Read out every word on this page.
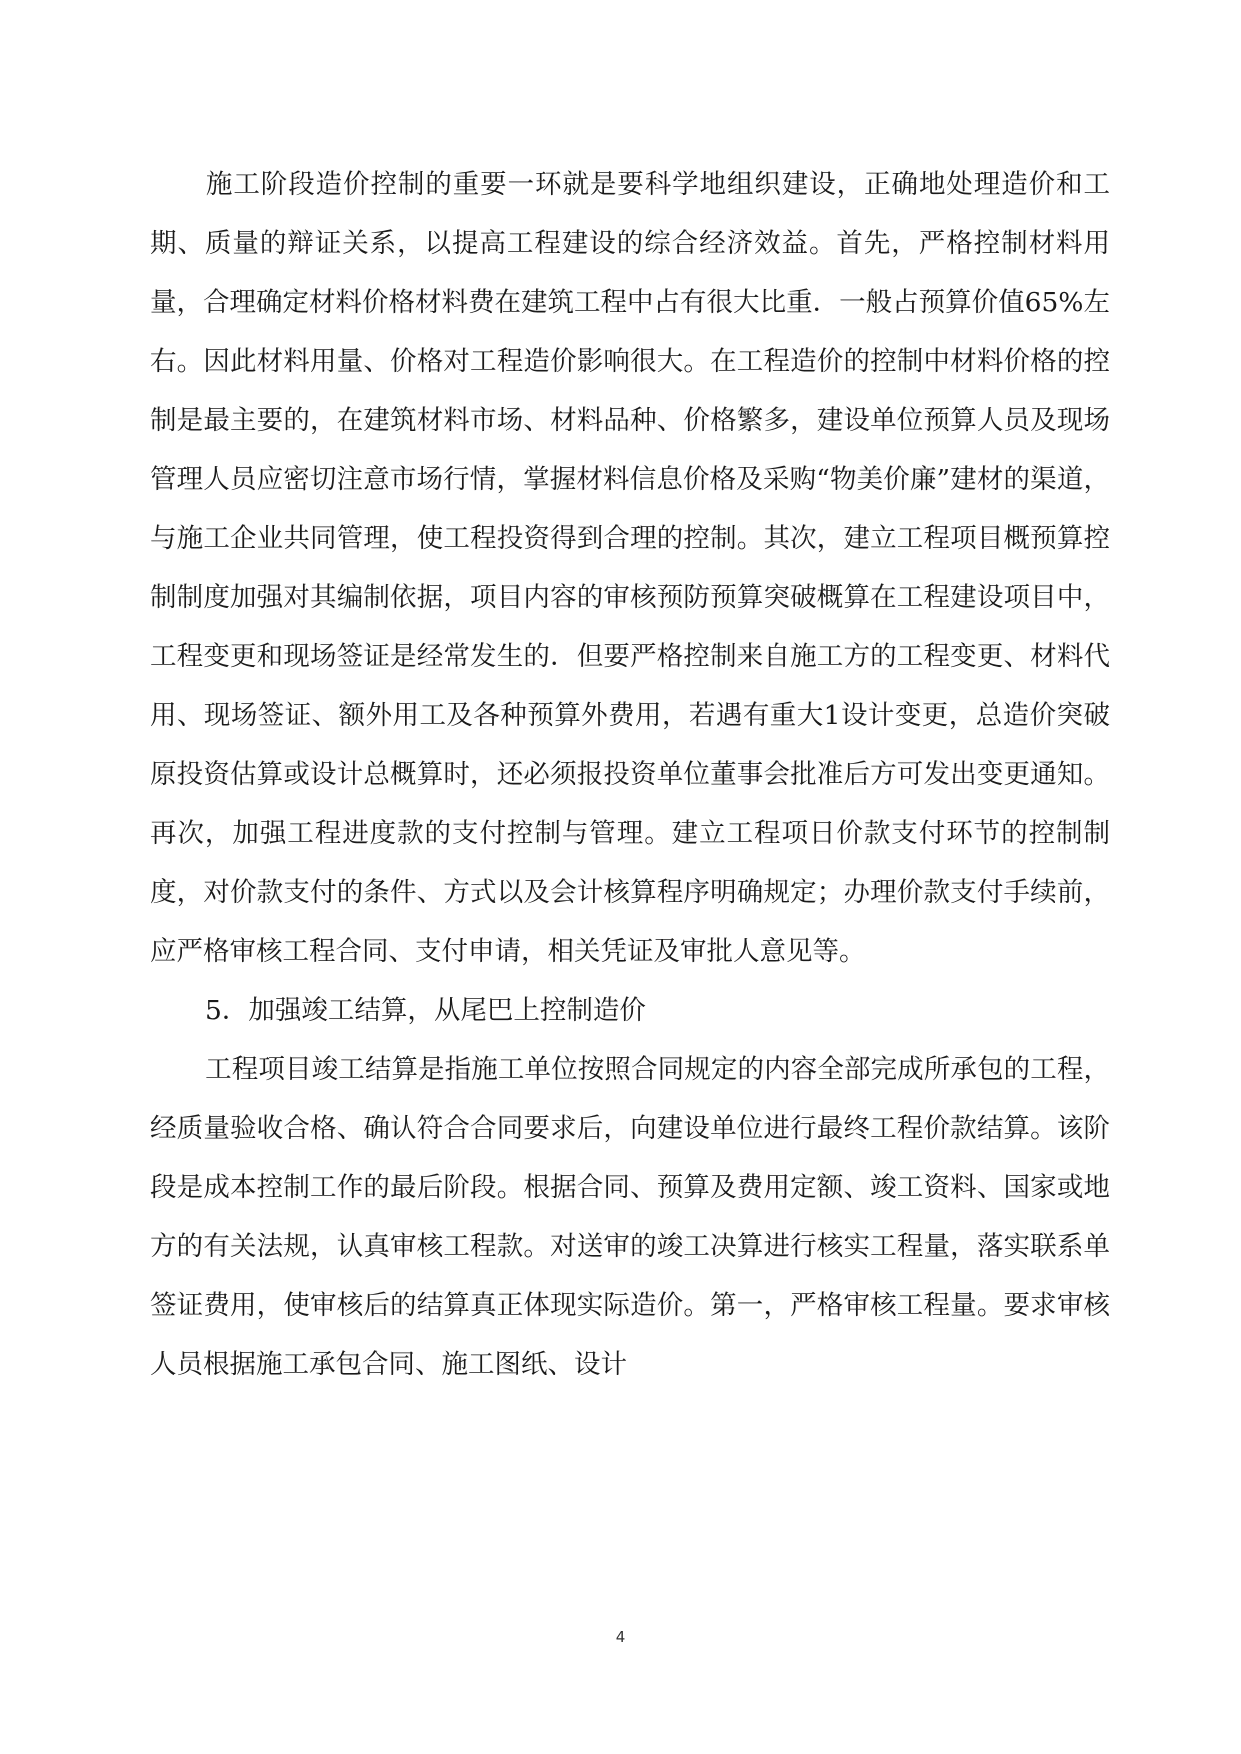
施工阶段造价控制的重要一环就是要科学地组织建设，正确地处理造价和工期、质量的辩证关系，以提高工程建设的综合经济效益。首先，严格控制材料用量，合理确定材料价格材料费在建筑工程中占有很大比重．一般占预算价值65%左右。因此材料用量、价格对工程造价影响很大。在工程造价的控制中材料价格的控制是最主要的，在建筑材料市场、材料品种、价格繁多，建设单位预算人员及现场管理人员应密切注意市场行情，掌握材料信息价格及采购“物美价廉”建材的渠道，与施工企业共同管理，使工程投资得到合理的控制。其次，建立工程项目概预算控制制度加强对其编制依据，项目内容的审核预防预算突破概算在工程建设项目中，工程变更和现场签证是经常发生的．但要严格控制来自施工方的工程变更、材料代用、现场签证、额外用工及各种预算外费用，若遇有重大1设计变更，总造价突破原投资估算或设计总概算时，还必须报投资单位董事会批准后方可发出变更通知。再次，加强工程进度款的支付控制与管理。建立工程项日价款支付环节的控制制度，对价款支付的条件、方式以及会计核算程序明确规定；办理价款支付手续前，应严格审核工程合同、支付申请，相关凭证及审批人意见等。

5．加强竣工结算，从尾巴上控制造价

工程项目竣工结算是指施工单位按照合同规定的内容全部完成所承包的工程，经质量验收合格、确认符合合同要求后，向建设单位进行最终工程价款结算。该阶段是成本控制工作的最后阶段。根据合同、预算及费用定额、竣工资料、国家或地方的有关法规，认真审核工程款。对送审的竣工决算进行核实工程量，落实联系单签证费用，使审核后的结算真正体现实际造价。第一，严格审核工程量。要求审核人员根据施工承包合同、施工图纸、设计

4
